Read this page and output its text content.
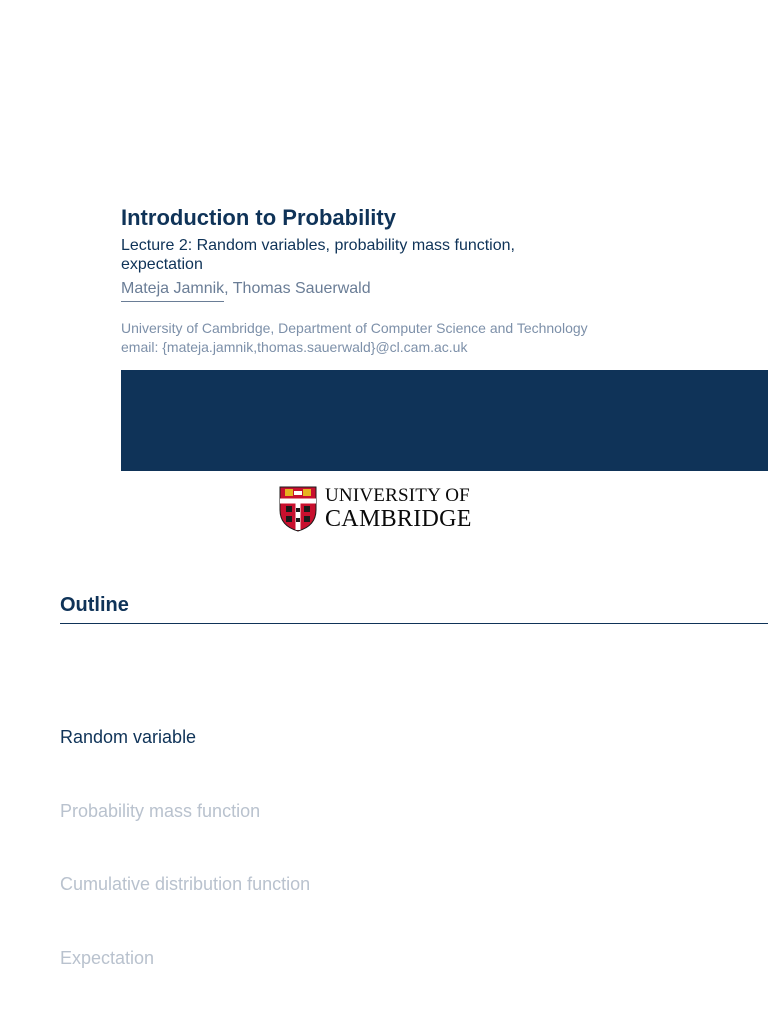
Introduction to Probability

Lecture 2: Random variables, probability mass function, expectation

Mateja Jamnik, Thomas Sauerwald
University of Cambridge, Department of Computer Science and Technology
email: {mateja.jamnik,thomas.sauerwald}@cl.cam.ac.uk
UNIVERSITY OF
CAMBRIDGE
Outline
Random variable
Probability mass function
Cumulative distribution function
Expectation
